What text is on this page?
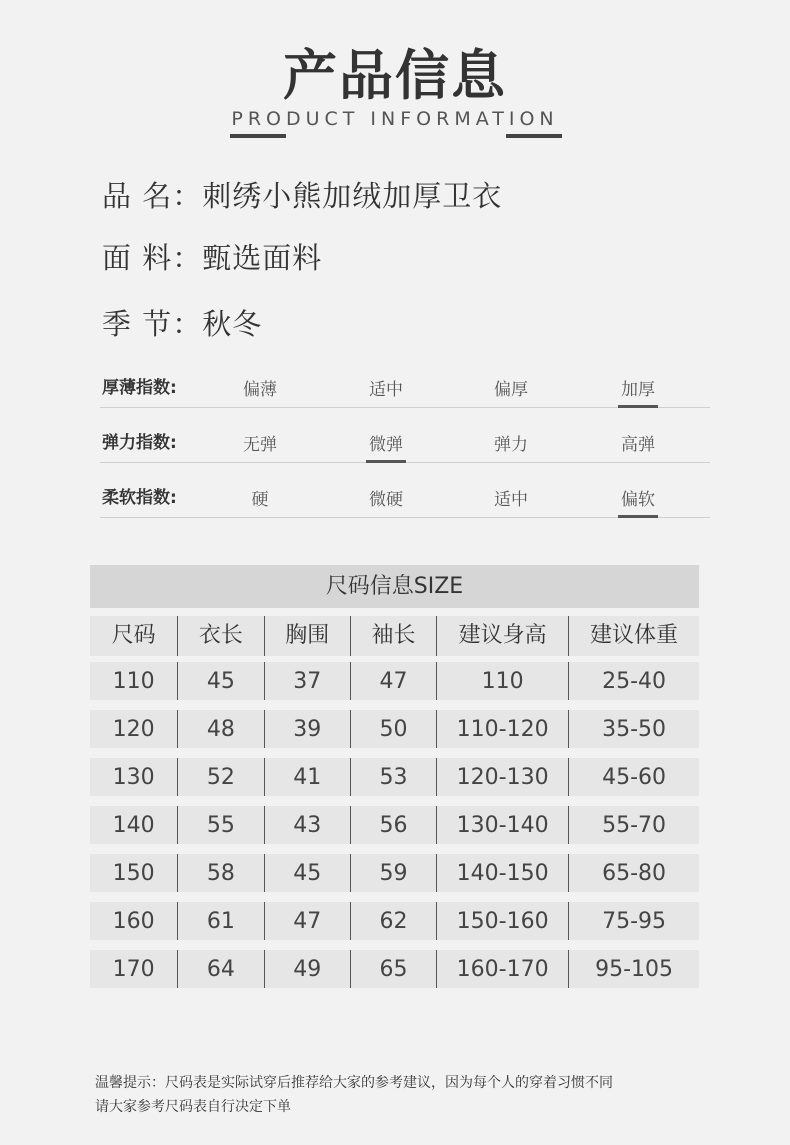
产品信息
PRODUCT INFORMATION
品 名：刺绣小熊加绒加厚卫衣
面 料：甄选面料
季 节：秋冬
厚薄指数:	偏薄	适中	偏厚	加厚
弹力指数:	无弹	微弹	弹力	高弹
柔软指数:	硬	微硬	适中	偏软
尺码信息SIZE
尺码	衣长	胸围	袖长	建议身高	建议体重
110	45	37	47	110	25-40
120	48	39	50	110-120	35-50
130	52	41	53	120-130	45-60
140	55	43	56	130-140	55-70
150	58	45	59	140-150	65-80
160	61	47	62	150-160	75-95
170	64	49	65	160-170	95-105
温馨提示：尺码表是实际试穿后推荐给大家的参考建议，因为每个人的穿着习惯不同
请大家参考尺码表自行决定下单
